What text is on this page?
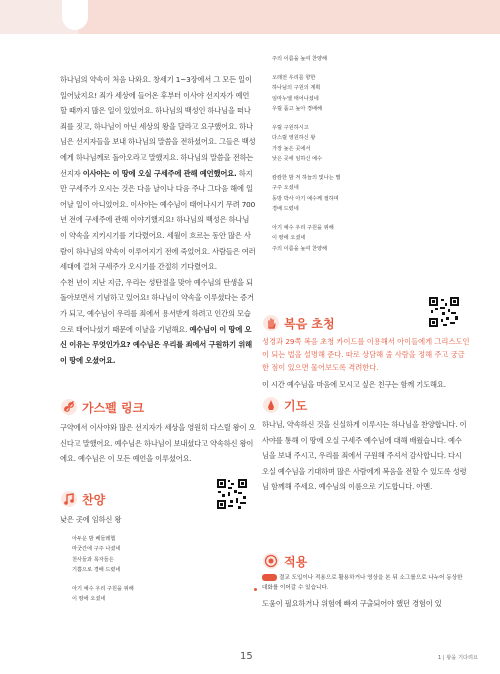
하나님의 약속이 처음 나와요. 창세기 1~3장에서 그 모든 일이 일어났지요! 죄가 세상에 들어온 후부터 이사야 선지자가 예언할 때까지 많은 일이 있었어요. 하나님의 백성인 하나님을 떠나 죄를 짓고, 하나님이 아닌 세상의 왕을 달라고 요구했어요. 하나님은 선지자들을 보내 하나님의 말씀을 전하셨어요. 그들은 백성에게 하나님께로 돌아오라고 말했지요. 하나님의 말씀을 전하는 선지자 이사야는 이 땅에 오실 구세주에 관해 예언했어요. 하지만 구세주가 오시는 것은 다음 날이나 다음 주나 그다음 해에 일어날 일이 아니었어요. 이사야는 예수님이 태어나시기 무려 700년 전에 구세주에 관해 이야기했지요! 하나님의 백성은 하나님이 약속을 지키시기를 기다렸어요. 세월이 흐르는 동안 많은 사람이 하나님의 약속이 이루어지기 전에 죽었어요. 사람들은 여러 세대에 걸쳐 구세주가 오시기를 간절히 기다렸어요.

수천 년이 지난 지금, 우리는 성탄절을 맞아 예수님의 탄생을 되돌아보면서 기념하고 있어요! 하나님이 약속을 이루셨다는 증거가 되고, 예수님이 우리를 죄에서 용서받게 하려고 인간의 모습으로 태어나셨기 때문에 이날을 기념해요. 예수님이 이 땅에 오신 이유는 무엇인가요? 예수님은 우리를 죄에서 구원하기 위해 이 땅에 오셨어요.

가스펠 링크

구약에서 이사야와 많은 선지자가 세상을 영원히 다스릴 왕이 오신다고 말했어요. 예수님은 하나님이 보내셨다고 약속하신 왕이에요. 예수님은 이 모든 예언을 이루셨어요.

찬양

낮은 곳에 임하신 왕

아두운 밤 베들레헴

마굿간에 구주 나셨네

천사들과 목자들은

기쁨으로 경배 드렸네

아기 예수 우리 구원을 위해

이 땅에 오셨네

주의 이름을 높여 찬양해

오래전 우리를 향한

하나님의 구원의 계획

임마누엘 태어나셨네

우릴 품고 높아 경배해

우릴 구원하시고

다스릴 영원하신 왕

가장 높은 곳에서

낮은 곳에 임하신 예수

캄캄한 밤 저 하늘의 빛나는 별

구주 오셨네

동방 박사 아기 예수께 절하며

경배 드렸네

아기 예수 우리 구원을 위해

이 땅에 오셨네

주의 이름을 높여 찬양해

복음 초청

성경과 29쪽 복음 초청 카이드를 이용해서 아이들에게 그리스도인이 되는 법을 설명해 준다. 따로 상담해 줄 사람을 정해 주고 궁금한 점이 있으면 물어보도록 격려한다.

이 시간 예수님을 마음에 모시고 싶은 친구는 함께 기도해요.

기도

하나님, 약속하신 것을 신실하게 이루시는 하나님을 찬양합니다. 이사야를 통해 이 땅에 오실 구세주 예수님에 대해 배웠습니다. 예수님을 보내 주시고, 우리를 죄에서 구원해 주셔서 감사합니다. 다시 오실 예수님을 기대하며 많은 사람에게 복음을 전할 수 있도록 성령님 함께해 주세요. 예수님의 이름으로 기도합니다. 아멘.

적용

결교 도입이나 적용으로 활용하거나 영상을 본 뒤 소그룹으로 나누어 동상한 대화를 이어갈 수 있습니다.

도움이 필요하거나 위험에 빠져 구출되어야 했던 경험이 있

15	1 | 왕을 기다려요
